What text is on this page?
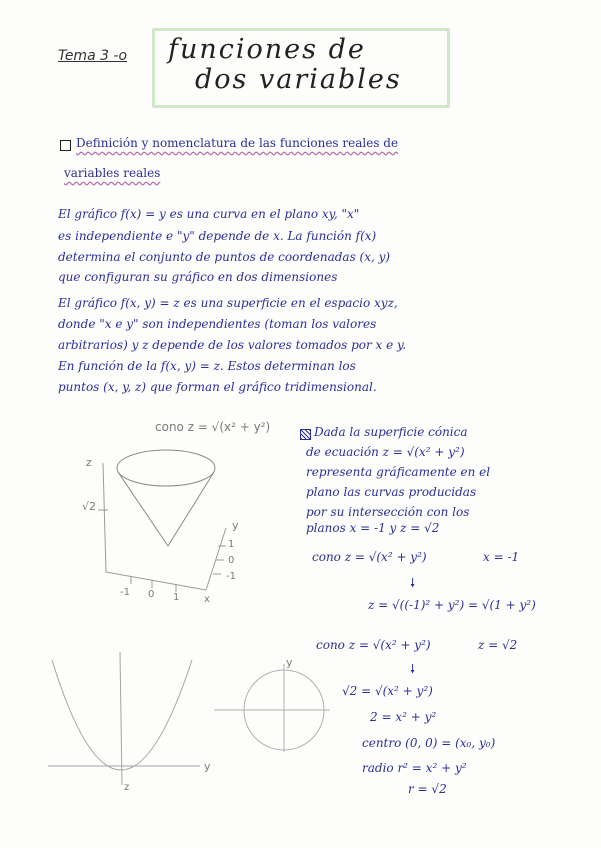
Tema 3 -o funciones de
dos variables
Definición y nomenclatura de las funciones reales de
variables reales
El gráfico f(x) = y es una curva en el plano xy, "x"
es independiente e "y" depende de x. La función f(x)
determina el conjunto de puntos de coordenadas (x, y)
que configuran su gráfico en dos dimensiones
El gráfico f(x, y) = z es una superficie en el espacio xyz,
donde "x e y" son independientes (toman los valores
arbitrarios) y z depende de los valores tomados por x e y.
En función de la f(x, y) = z. Estos determinan los
puntos (x, y, z) que forman el gráfico tridimensional.
cono z = √(x² + y²)
z
√2
y
1
0
-1
-1 0 1 x
Dada la superficie cónica
de ecuación z = √(x² + y²)
representa gráficamente en el
plano las curvas producidas
por su intersección con los
planos x = -1 y z = √2
cono z = √(x² + y²)	x = -1
🠗
z = √((-1)² + y²) = √(1 + y²)
cono z = √(x² + y²)	z = √2
🠗
√2 = √(x² + y²)
2 = x² + y²
centro (0, 0) = (x₀, y₀)
radio r² = x² + y²
r = √2
y
z
y
